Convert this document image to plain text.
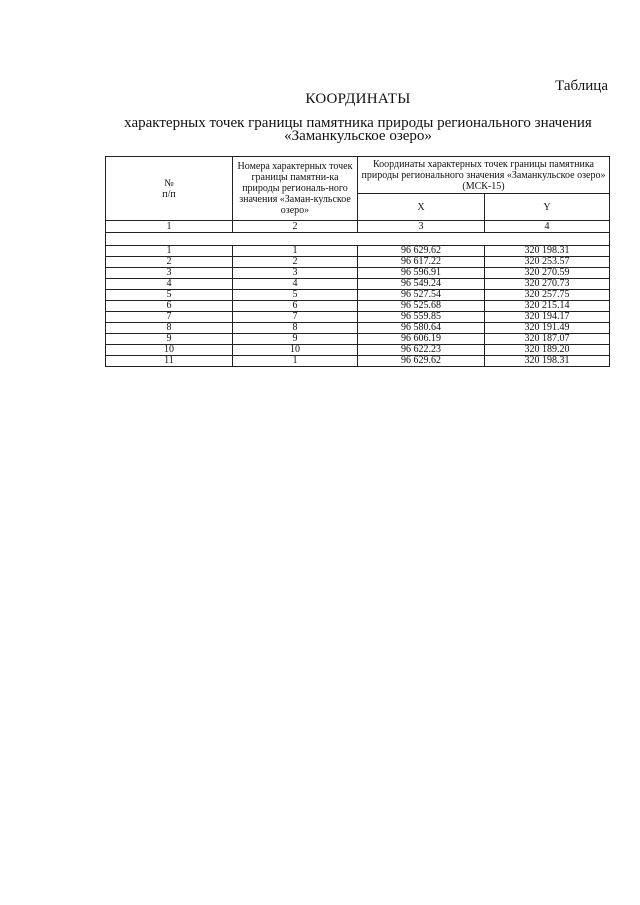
Таблица
КООРДИНАТЫ
характерных точек границы памятника природы регионального значения
«Заманкульское озеро»
№
п/п	Номера характерных точек границы памятни-ка природы региональ-ного значения «Заман-кульское озеро»	Координаты характерных точек границы памятника природы регионального значения «Заманкульское озеро» (МСК-15)	
		X	Y
1	2	3	4

1	1	96 629.62	320 198.31
2	2	96 617.22	320 253.57
3	3	96 596.91	320 270.59
4	4	96 549.24	320 270.73
5	5	96 527.54	320 257.75
6	6	96 525.68	320 215.14
7	7	96 559.85	320 194.17
8	8	96 580.64	320 191.49
9	9	96 606.19	320 187.07
10	10	96 622.23	320 189.20
11	1	96 629.62	320 198.31
